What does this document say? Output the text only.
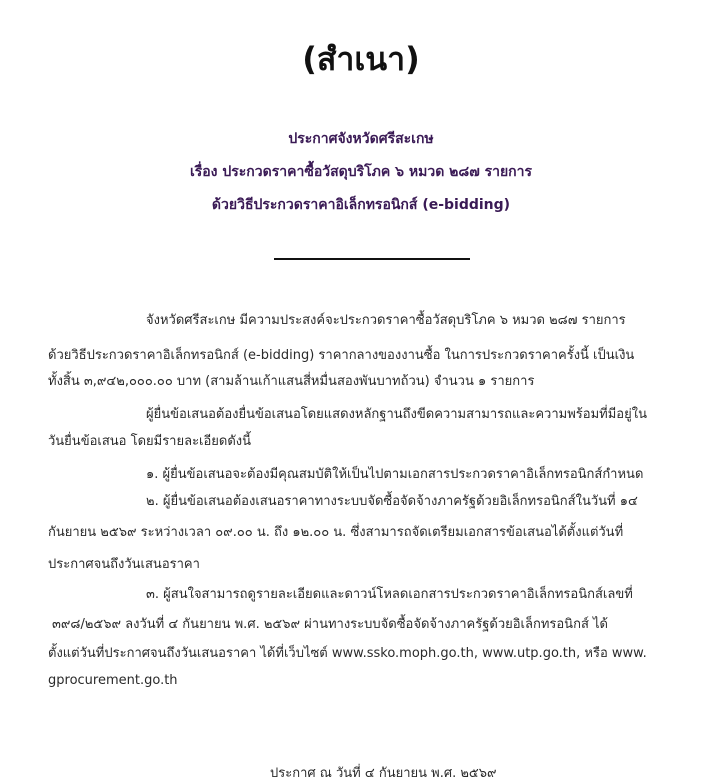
(สำเนา)
ประกาศจังหวัดศรีสะเกษ
เรื่อง ประกวดราคาซื้อวัสดุบริโภค ๖ หมวด ๒๘๗ รายการ
ด้วยวิธีประกวดราคาอิเล็กทรอนิกส์ (e-bidding)
จังหวัดศรีสะเกษ มีความประสงค์จะประกวดราคาซื้อวัสดุบริโภค ๖ หมวด ๒๘๗ รายการ
ด้วยวิธีประกวดราคาอิเล็กทรอนิกส์ (e-bidding) ราคากลางของงานซื้อ ในการประกวดราคาครั้งนี้ เป็นเงิน
ทั้งสิ้น ๓,๙๔๒,๐๐๐.๐๐ บาท (สามล้านเก้าแสนสี่หมื่นสองพันบาทถ้วน) จำนวน ๑ รายการ
ผู้ยื่นข้อเสนอต้องยื่นข้อเสนอโดยแสดงหลักฐานถึงขีดความสามารถและความพร้อมที่มีอยู่ใน
วันยื่นข้อเสนอ โดยมีรายละเอียดดังนี้
๑. ผู้ยื่นข้อเสนอจะต้องมีคุณสมบัติให้เป็นไปตามเอกสารประกวดราคาอิเล็กทรอนิกส์กำหนด
๒. ผู้ยื่นข้อเสนอต้องเสนอราคาทางระบบจัดซื้อจัดจ้างภาครัฐด้วยอิเล็กทรอนิกส์ในวันที่ ๑๔
กันยายน ๒๕๖๙ ระหว่างเวลา ๐๙.๐๐ น. ถึง ๑๒.๐๐ น. ซึ่งสามารถจัดเตรียมเอกสารข้อเสนอได้ตั้งแต่วันที่
ประกาศจนถึงวันเสนอราคา
๓. ผู้สนใจสามารถดูรายละเอียดและดาวน์โหลดเอกสารประกวดราคาอิเล็กทรอนิกส์เลขที่
๓๙๘/๒๕๖๙ ลงวันที่ ๔ กันยายน พ.ศ. ๒๕๖๙ ผ่านทางระบบจัดซื้อจัดจ้างภาครัฐด้วยอิเล็กทรอนิกส์ ได้
ตั้งแต่วันที่ประกาศจนถึงวันเสนอราคา ได้ที่เว็บไซต์ www.ssko.moph.go.th, www.utp.go.th, หรือ www.
gprocurement.go.th
ประกาศ ณ วันที่ ๔ กันยายน พ.ศ. ๒๕๖๙
